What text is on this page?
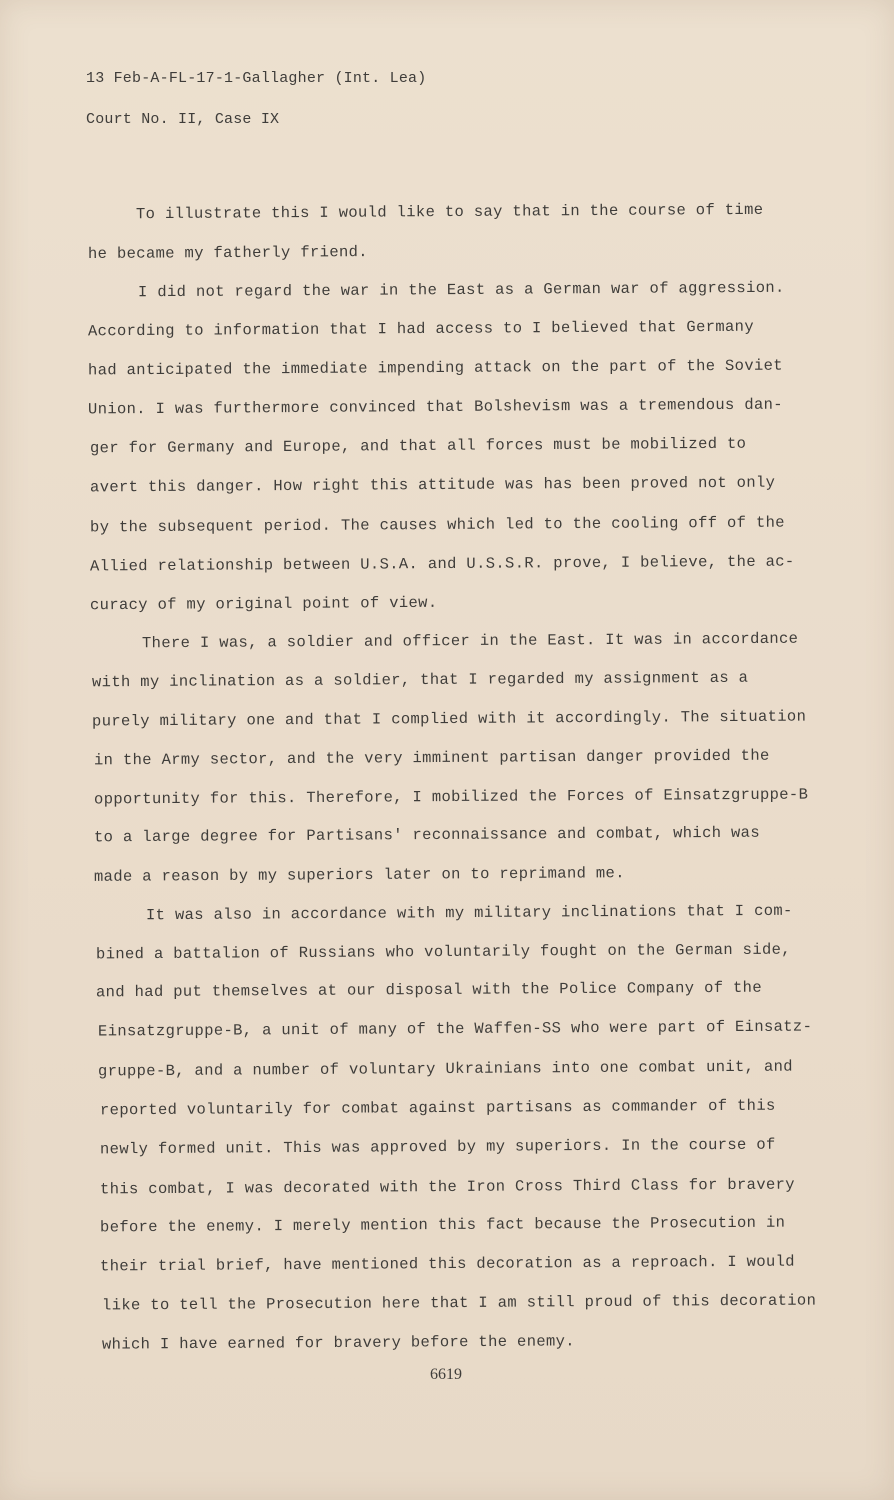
13 Feb-A-FL-17-1-Gallagher (Int. Lea)
Court No. II, Case IX
To illustrate this I would like to say that in the course of time
he became my fatherly friend.
I did not regard the war in the East as a German war of aggression.
According to information that I had access to I believed that Germany
had anticipated the immediate impending attack on the part of the Soviet
Union. I was furthermore convinced that Bolshevism was a tremendous dan-
ger for Germany and Europe, and that all forces must be mobilized to
avert this danger. How right this attitude was has been proved not only
by the subsequent period. The causes which led to the cooling off of the
Allied relationship between U.S.A. and U.S.S.R. prove, I believe, the ac-
curacy of my original point of view.
There I was, a soldier and officer in the East. It was in accordance
with my inclination as a soldier, that I regarded my assignment as a
purely military one and that I complied with it accordingly. The situation
in the Army sector, and the very imminent partisan danger provided the
opportunity for this. Therefore, I mobilized the Forces of Einsatzgruppe-B
to a large degree for Partisans' reconnaissance and combat, which was
made a reason by my superiors later on to reprimand me.
It was also in accordance with my military inclinations that I com-
bined a battalion of Russians who voluntarily fought on the German side,
and had put themselves at our disposal with the Police Company of the
Einsatzgruppe-B, a unit of many of the Waffen-SS who were part of Einsatz-
gruppe-B, and a number of voluntary Ukrainians into one combat unit, and
reported voluntarily for combat against partisans as commander of this
newly formed unit. This was approved by my superiors. In the course of
this combat, I was decorated with the Iron Cross Third Class for bravery
before the enemy. I merely mention this fact because the Prosecution in
their trial brief, have mentioned this decoration as a reproach. I would
like to tell the Prosecution here that I am still proud of this decoration
which I have earned for bravery before the enemy.
6619
